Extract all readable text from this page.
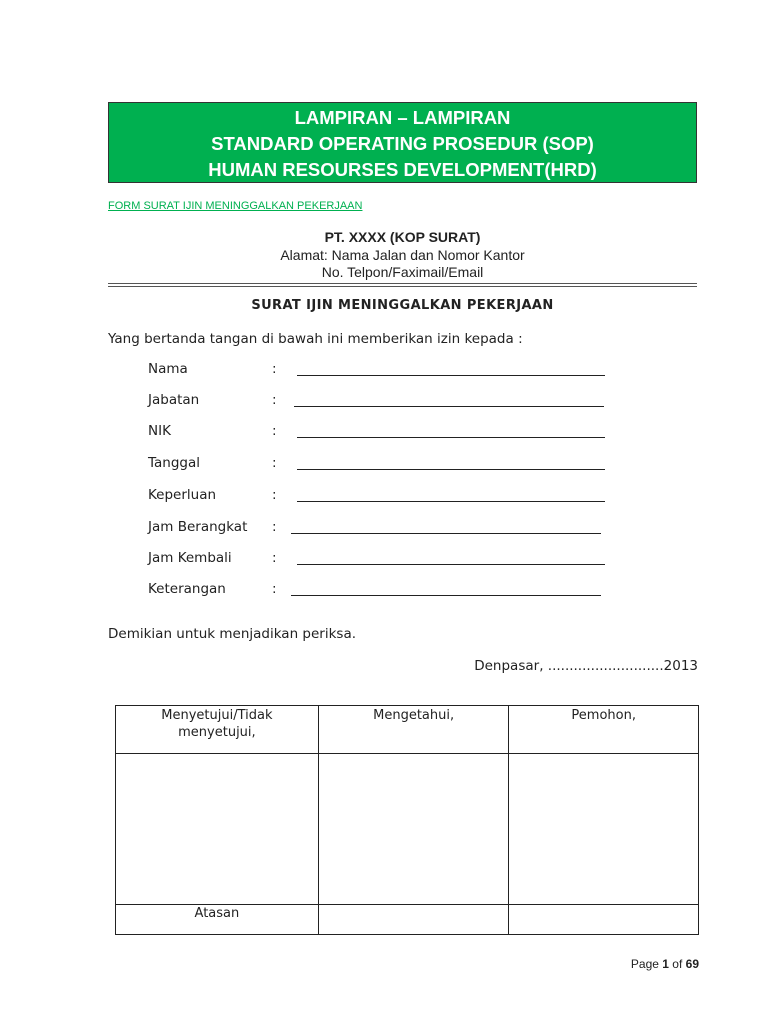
LAMPIRAN – LAMPIRAN
STANDARD OPERATING PROSEDUR (SOP)
HUMAN RESOURSES DEVELOPMENT(HRD)
FORM SURAT IJIN MENINGGALKAN PEKERJAAN
PT. XXXX (KOP SURAT)
Alamat: Nama Jalan dan Nomor Kantor
No. Telpon/Faximail/Email
SURAT IJIN MENINGGALKAN PEKERJAAN
Yang bertanda tangan di bawah ini memberikan izin kepada :
Nama	:
Jabatan	:
NIK	:
Tanggal	:
Keperluan	:
Jam Berangkat :
Jam Kembali	:
Keterangan	:
Demikian untuk menjadikan periksa.
Denpasar, ...........................2013
Menyetujui/Tidak menyetujui,	Mengetahui,	Pemohon,

Atasan		

Page 1 of 69
